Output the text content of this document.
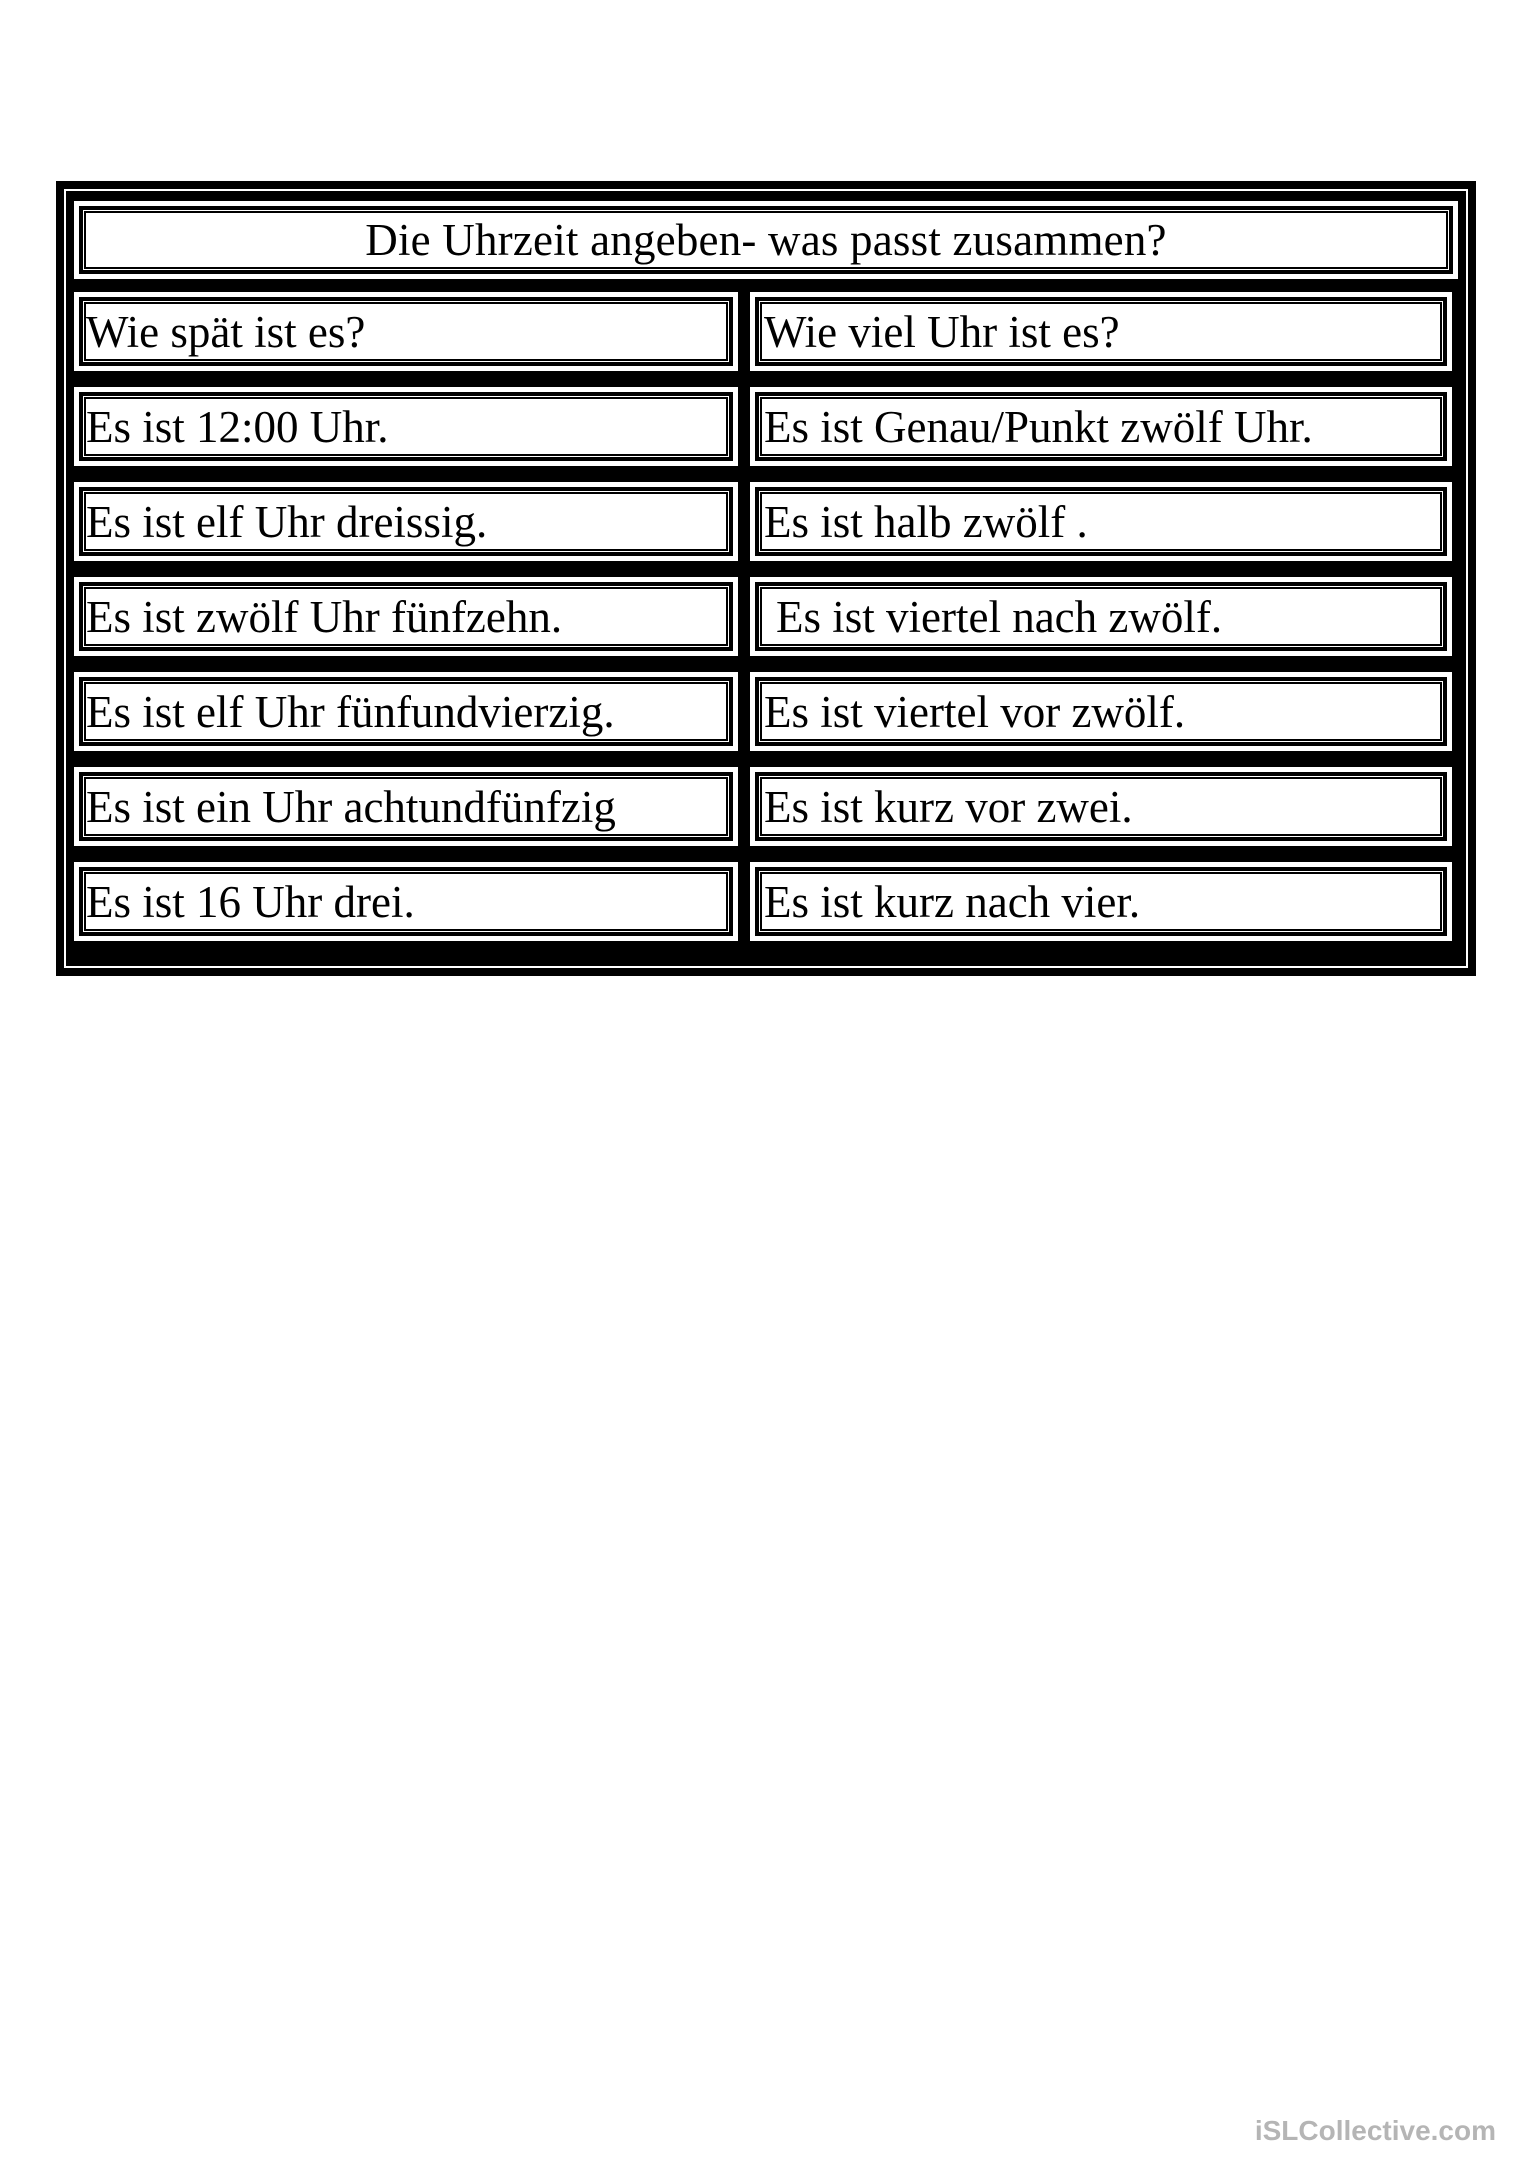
Die Uhrzeit angeben- was passt zusammen?
Wie spät ist es?	Wie viel Uhr ist es?
Es ist 12:00 Uhr.	Es ist Genau/Punkt zwölf Uhr.
Es ist elf Uhr dreissig.	Es ist halb zwölf .
Es ist zwölf Uhr fünfzehn.	Es ist viertel nach zwölf.
Es ist elf Uhr fünfundvierzig.	Es ist viertel vor zwölf.
Es ist ein Uhr achtundfünfzig	Es ist kurz vor zwei.
Es ist 16 Uhr drei.	Es ist kurz nach vier.
iSLCollective.com
